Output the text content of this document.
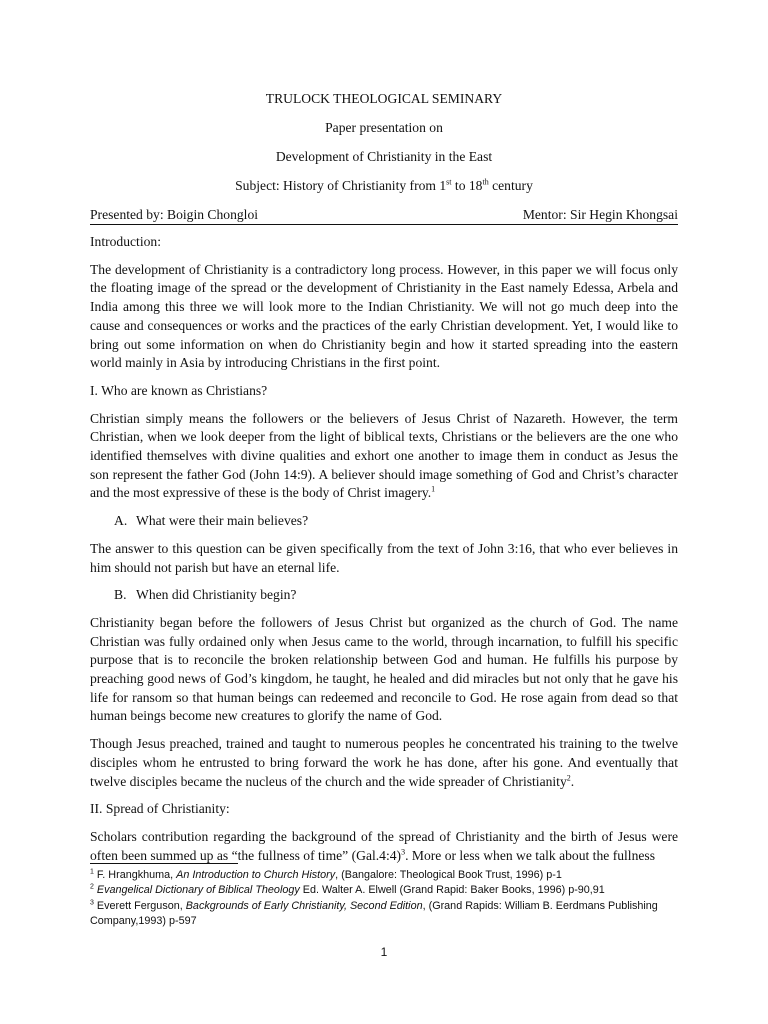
TRULOCK THEOLOGICAL SEMINARY
Paper presentation on
Development of Christianity in the East
Subject: History of Christianity from 1st to 18th century
Presented by: Boigin Chongloi	Mentor: Sir Hegin Khongsai

Introduction:

The development of Christianity is a contradictory long process. However, in this paper we will focus only the floating image of the spread or the development of Christianity in the East namely Edessa, Arbela and India among this three we will look more to the Indian Christianity. We will not go much deep into the cause and consequences or works and the practices of the early Christian development. Yet, I would like to bring out some information on when do Christianity begin and how it started spreading into the eastern world mainly in Asia by introducing Christians in the first point.

I. Who are known as Christians?

Christian simply means the followers or the believers of Jesus Christ of Nazareth. However, the term Christian, when we look deeper from the light of biblical texts, Christians or the believers are the one who identified themselves with divine qualities and exhort one another to image them in conduct as Jesus the son represent the father God (John 14:9). A believer should image something of God and Christ’s character and the most expressive of these is the body of Christ imagery.$^1$

A. What were their main believes?

The answer to this question can be given specifically from the text of John 3:16, that who ever believes in him should not parish but have an eternal life.

B. When did Christianity begin?

Christianity began before the followers of Jesus Christ but organized as the church of God. The name Christian was fully ordained only when Jesus came to the world, through incarnation, to fulfill his specific purpose that is to reconcile the broken relationship between God and human. He fulfills his purpose by preaching good news of God’s kingdom, he taught, he healed and did miracles but not only that he gave his life for ransom so that human beings can redeemed and reconcile to God. He rose again from dead so that human beings become new creatures to glorify the name of God.

Though Jesus preached, trained and taught to numerous peoples he concentrated his training to the twelve disciples whom he entrusted to bring forward the work he has done, after his gone. And eventually that twelve disciples became the nucleus of the church and the wide spreader of Christianity$^2$.

II. Spread of Christianity:

Scholars contribution regarding the background of the spread of Christianity and the birth of Jesus were often been summed up as “the fullness of time” (Gal.4:4)$^3$. More or less when we talk about the fullness

$^1$ F. Hrangkhuma, An Introduction to Church History, (Bangalore: Theological Book Trust, 1996) p-1
$^2$ Evangelical Dictionary of Biblical Theology Ed. Walter A. Elwell (Grand Rapid: Baker Books, 1996) p-90,91
$^3$ Everett Ferguson, Backgrounds of Early Christianity, Second Edition, (Grand Rapids: William B. Eerdmans Publishing Company,1993) p-597
1
